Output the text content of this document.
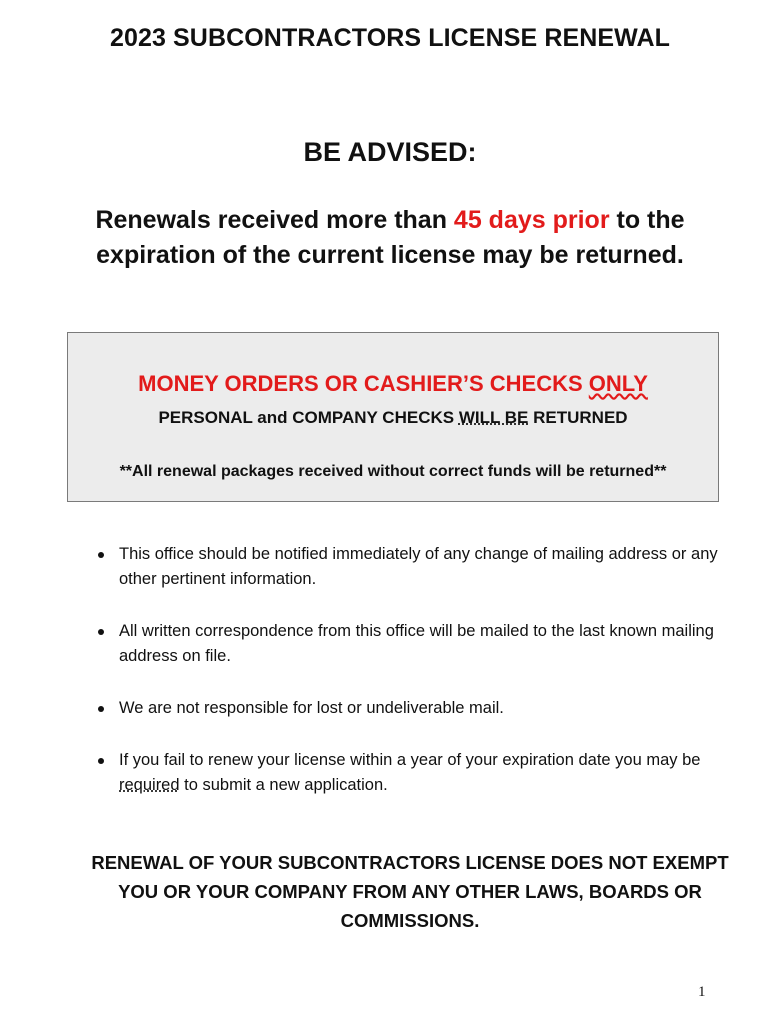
2023 SUBCONTRACTORS LICENSE RENEWAL
BE ADVISED:
Renewals received more than 45 days prior to the expiration of the current license may be returned.
MONEY ORDERS OR CASHIER’S CHECKS ONLY
PERSONAL and COMPANY CHECKS WILL BE RETURNED
**All renewal packages received without correct funds will be returned**
This office should be notified immediately of any change of mailing address or any other pertinent information.
All written correspondence from this office will be mailed to the last known mailing address on file.
We are not responsible for lost or undeliverable mail.
If you fail to renew your license within a year of your expiration date you may be required to submit a new application.
RENEWAL OF YOUR SUBCONTRACTORS LICENSE DOES NOT EXEMPT YOU OR YOUR COMPANY FROM ANY OTHER LAWS, BOARDS OR COMMISSIONS.
1
